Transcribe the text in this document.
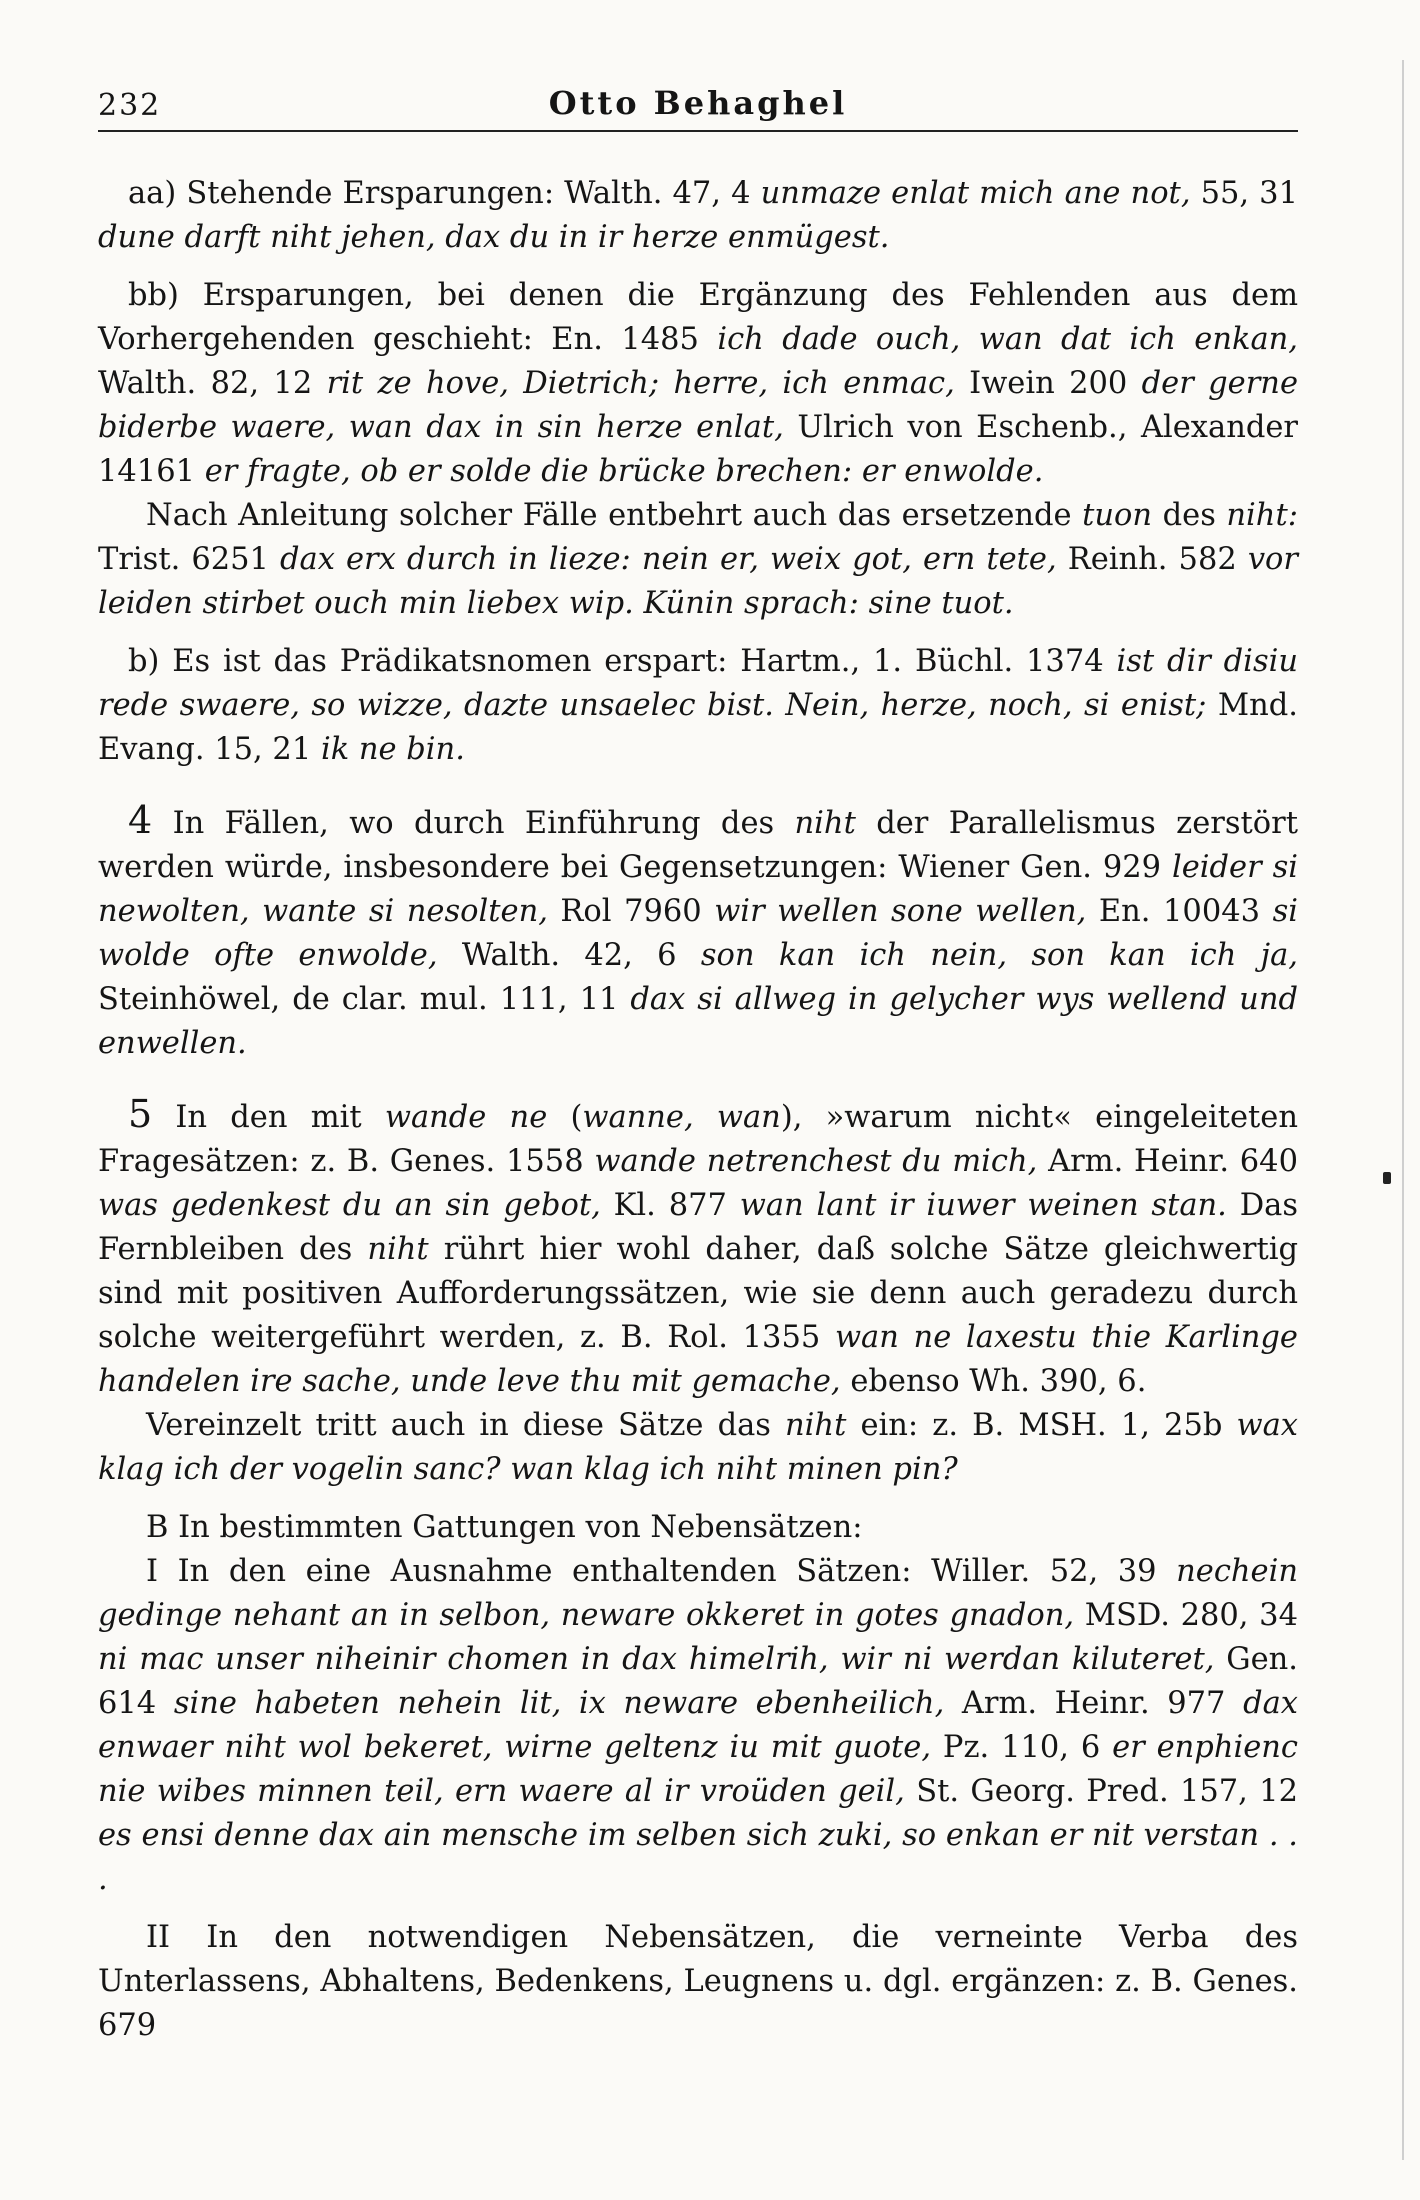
232	Otto Behaghel

aa) Stehende Ersparungen: Walth. 47, 4 unmaze enlat mich ane not, 55, 31 dune darft niht jehen, dax du in ir herze enmügest.

bb) Ersparungen, bei denen die Ergänzung des Fehlenden aus dem Vorhergehenden geschieht: En. 1485 ich dade ouch, wan dat ich enkan, Walth. 82, 12 rit ze hove, Dietrich; herre, ich enmac, Iwein 200 der gerne biderbe waere, wan dax in sin herze enlat, Ulrich von Eschenb., Alexander 14161 er fragte, ob er solde die brücke brechen: er enwolde.

Nach Anleitung solcher Fälle entbehrt auch das ersetzende tuon des niht: Trist. 6251 dax erx durch in lieze: nein er, weix got, ern tete, Reinh. 582 vor leiden stirbet ouch min liebex wip. Künin sprach: sine tuot.

b) Es ist das Prädikatsnomen erspart: Hartm., 1. Büchl. 1374 ist dir disiu rede swaere, so wizze, dazte unsaelec bist. Nein, herze, noch, si enist; Mnd. Evang. 15, 21 ik ne bin.

4 In Fällen, wo durch Einführung des niht der Parallelismus zerstört werden würde, insbesondere bei Gegensetzungen: Wiener Gen. 929 leider si newolten, wante si nesolten, Rol 7960 wir wellen sone wellen, En. 10043 si wolde ofte enwolde, Walth. 42, 6 son kan ich nein, son kan ich ja, Steinhöwel, de clar. mul. 111, 11 dax si allweg in gelycher wys wellend und enwellen.

5 In den mit wande ne (wanne, wan), »warum nicht« eingeleiteten Fragesätzen: z. B. Genes. 1558 wande netrenchest du mich, Arm. Heinr. 640 was gedenkest du an sin gebot, Kl. 877 wan lant ir iuwer weinen stan. Das Fernbleiben des niht rührt hier wohl daher, daß solche Sätze gleichwertig sind mit positiven Aufforderungssätzen, wie sie denn auch geradezu durch solche weitergeführt werden, z. B. Rol. 1355 wan ne laxestu thie Karlinge handelen ire sache, unde leve thu mit gemache, ebenso Wh. 390, 6.

Vereinzelt tritt auch in diese Sätze das niht ein: z. B. MSH. 1, 25b wax klag ich der vogelin sanc? wan klag ich niht minen pin?

B In bestimmten Gattungen von Nebensätzen:

I In den eine Ausnahme enthaltenden Sätzen: Willer. 52, 39 nechein gedinge nehant an in selbon, neware okkeret in gotes gnadon, MSD. 280, 34 ni mac unser niheinir chomen in dax himelrih, wir ni werdan kiluteret, Gen. 614 sine habeten nehein lit, ix neware ebenheilich, Arm. Heinr. 977 dax enwaer niht wol bekeret, wirne geltenz iu mit guote, Pz. 110, 6 er enphienc nie wibes minnen teil, ern waere al ir vroüden geil, St. Georg. Pred. 157, 12 es ensi denne dax ain mensche im selben sich zuki, so enkan er nit verstan . . .

II In den notwendigen Nebensätzen, die verneinte Verba des Unterlassens, Abhaltens, Bedenkens, Leugnens u. dgl. ergänzen: z. B. Genes. 679
